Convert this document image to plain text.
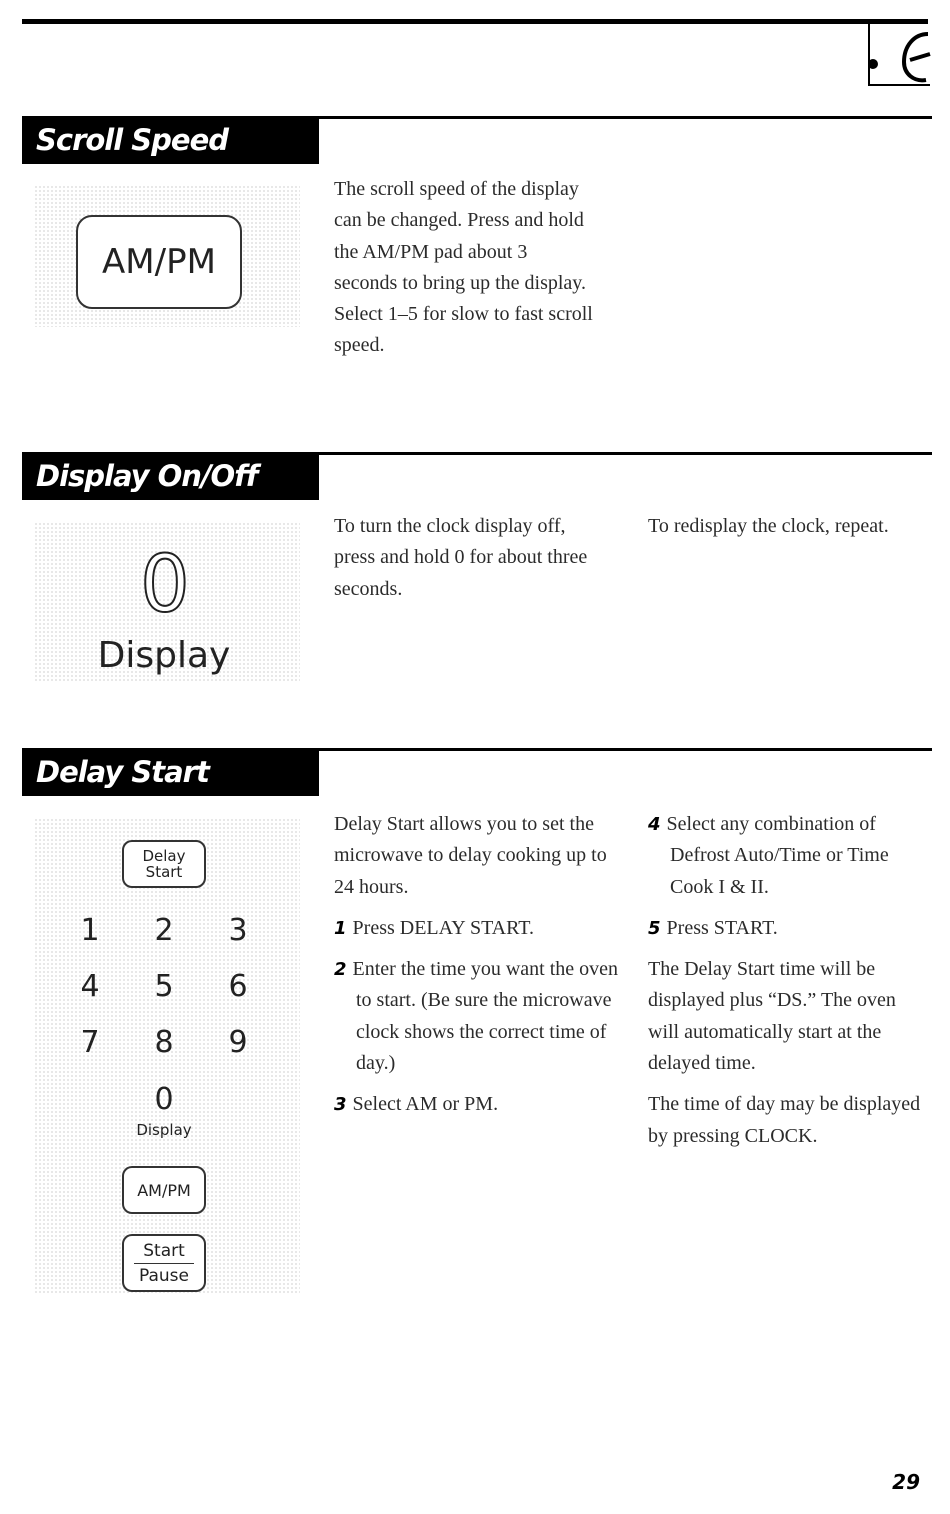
Scroll Speed
AM/PM
The scroll speed of the display can be changed. Press and hold the AM/PM pad about 3 seconds to bring up the display. Select 1–5 for slow to fast scroll speed.
Display On/Off
0
Display
To turn the clock display off, press and hold 0 for about three seconds.
To redisplay the clock, repeat.
Delay Start
Delay
Start
1	2	3
4	5	6
7	8	9
0
Display
AM/PM
Start
Pause
Delay Start allows you to set the microwave to delay cooking up to 24 hours.
1 Press DELAY START.
2 Enter the time you want the oven to start. (Be sure the microwave clock shows the correct time of day.)
3 Select AM or PM.
4 Select any combination of Defrost Auto/Time or Time Cook I & II.
5 Press START.
The Delay Start time will be displayed plus “DS.” The oven will automatically start at the delayed time.
The time of day may be displayed by pressing CLOCK.
29
